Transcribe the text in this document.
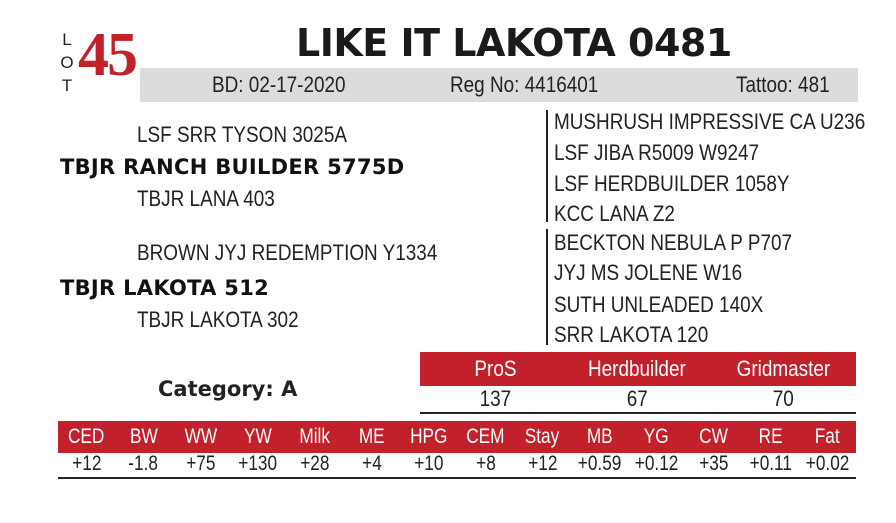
L
O
T 45	LIKE IT LAKOTA 0481
BD: 02-17-2020	Reg No: 4416401	Tattoo: 481
LSF SRR TYSON 3025A
TBJR RANCH BUILDER 5775D
TBJR LANA 403
BROWN JYJ REDEMPTION Y1334
TBJR LAKOTA 512
TBJR LAKOTA 302
MUSHRUSH IMPRESSIVE CA U236
LSF JIBA R5009 W9247
LSF HERDBUILDER 1058Y
KCC LANA Z2
BECKTON NEBULA P P707
JYJ MS JOLENE W16
SUTH UNLEADED 140X
SRR LAKOTA 120
Category: A
ProS	Herdbuilder	Gridmaster
137	67	70
CED	BW	WW	YW	Milk	ME	HPG CEM Stay	MB	YG	CW	RE	Fat
+12	-1.8	+75	+130	+28	+4	+10	+8	+12 +0.59 +0.12 +35	+0.11 +0.02
